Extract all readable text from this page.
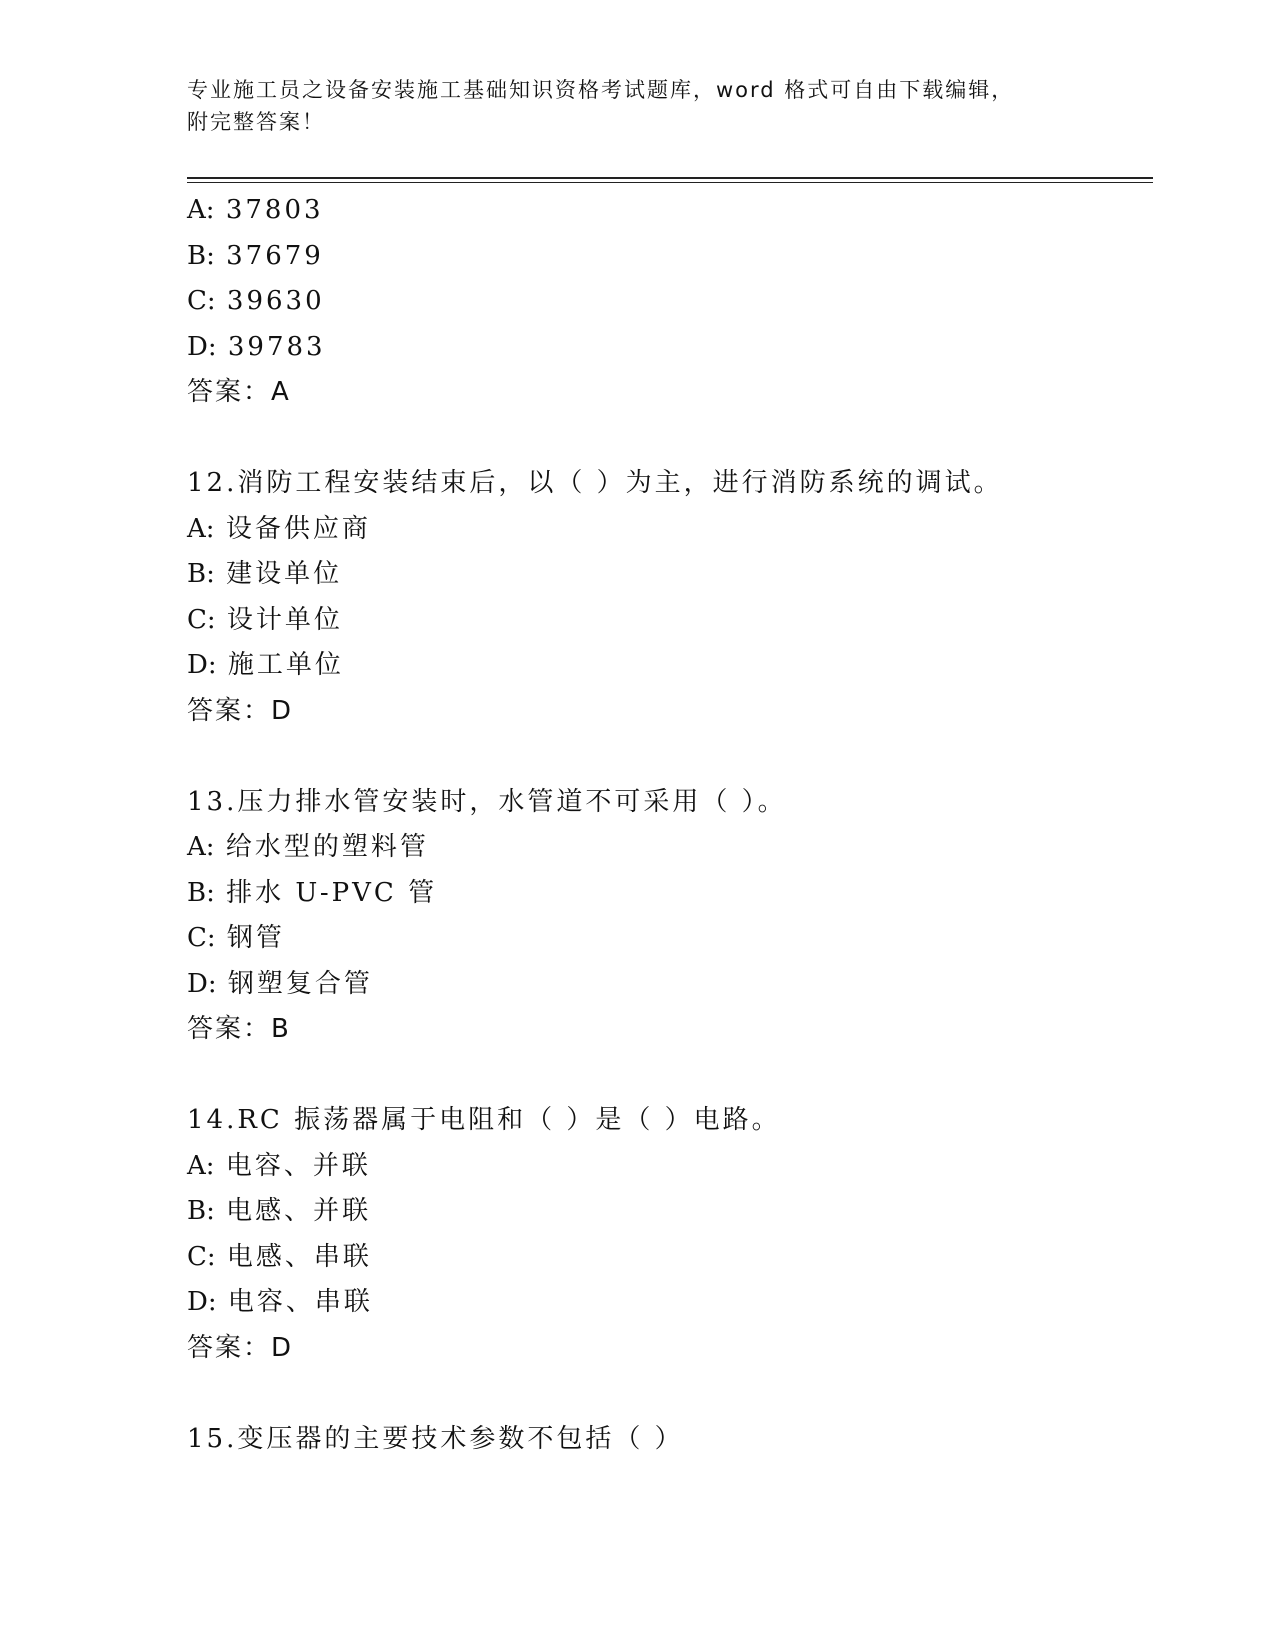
专业施工员之设备安装施工基础知识资格考试题库，word 格式可自由下载编辑，
附完整答案！
A: 37803
B: 37679
C: 39630
D: 39783
答案：A
12.消防工程安装结束后，以（ ）为主，进行消防系统的调试。
A: 设备供应商
B: 建设单位
C: 设计单位
D: 施工单位
答案：D
13.压力排水管安装时，水管道不可采用（ ）。
A: 给水型的塑料管
B: 排水 U-PVC 管
C: 钢管
D: 钢塑复合管
答案：B
14.RC 振荡器属于电阻和（ ）是（ ）电路。
A: 电容、并联
B: 电感、并联
C: 电感、串联
D: 电容、串联
答案：D
15.变压器的主要技术参数不包括（ ）
